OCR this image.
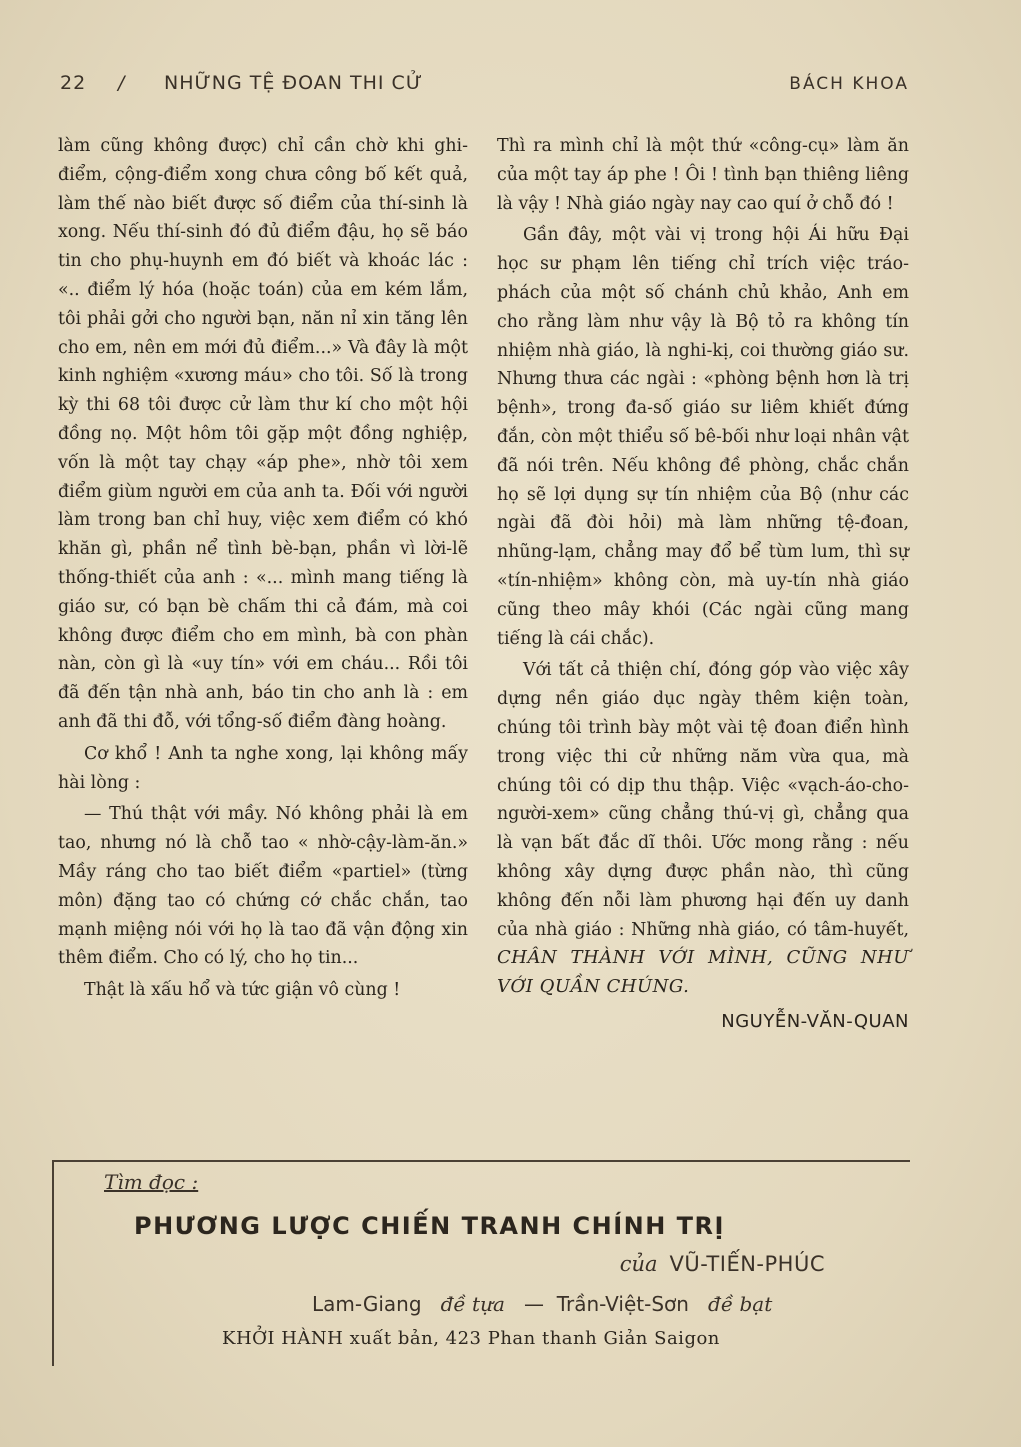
22 / NHỮNG TỆ ĐOAN THI CỬ	BÁCH KHOA

làm cũng không được) chỉ cần chờ khi ghi-điểm, cộng-điểm xong chưa công bố kết quả, làm thế nào biết được số điểm của thí-sinh là xong. Nếu thí-sinh đó đủ điểm đậu, họ sẽ báo tin cho phụ-huynh em đó biết và khoác lác : «.. điểm lý hóa (hoặc toán) của em kém lắm, tôi phải gởi cho người bạn, năn nỉ xin tăng lên cho em, nên em mới đủ điểm...» Và đây là một kinh nghiệm «xương máu» cho tôi. Số là trong kỳ thi 68 tôi được cử làm thư kí cho một hội đồng nọ. Một hôm tôi gặp một đồng nghiệp, vốn là một tay chạy «áp phe», nhờ tôi xem điểm giùm người em của anh ta. Đối với người làm trong ban chỉ huy, việc xem điểm có khó khăn gì, phần nể tình bè-bạn, phần vì lời-lẽ thống-thiết của anh : «... mình mang tiếng là giáo sư, có bạn bè chấm thi cả đám, mà coi không được điểm cho em mình, bà con phàn nàn, còn gì là «uy tín» với em cháu... Rồi tôi đã đến tận nhà anh, báo tin cho anh là : em anh đã thi đỗ, với tổng-số điểm đàng hoàng.

Cơ khổ ! Anh ta nghe xong, lại không mấy hài lòng :

— Thú thật với mầy. Nó không phải là em tao, nhưng nó là chỗ tao « nhờ-cậy-làm-ăn.» Mầy ráng cho tao biết điểm «partiel» (từng môn) đặng tao có chứng cớ chắc chắn, tao mạnh miệng nói với họ là tao đã vận động xin thêm điểm. Cho có lý, cho họ tin...

Thật là xấu hổ và tức giận vô cùng !

Thì ra mình chỉ là một thứ «công-cụ» làm ăn của một tay áp phe ! Ôi ! tình bạn thiêng liêng là vậy ! Nhà giáo ngày nay cao quí ở chỗ đó !

Gần đây, một vài vị trong hội Ái hữu Đại học sư phạm lên tiếng chỉ trích việc tráo-phách của một số chánh chủ khảo, Anh em cho rằng làm như vậy là Bộ tỏ ra không tín nhiệm nhà giáo, là nghi-kị, coi thường giáo sư. Nhưng thưa các ngài : «phòng bệnh hơn là trị bệnh», trong đa-số giáo sư liêm khiết đứng đắn, còn một thiểu số bê-bối như loại nhân vật đã nói trên. Nếu không đề phòng, chắc chắn họ sẽ lợi dụng sự tín nhiệm của Bộ (như các ngài đã đòi hỏi) mà làm những tệ-đoan, nhũng-lạm, chẳng may đổ bể tùm lum, thì sự «tín-nhiệm» không còn, mà uy-tín nhà giáo cũng theo mây khói (Các ngài cũng mang tiếng là cái chắc).

Với tất cả thiện chí, đóng góp vào việc xây dựng nền giáo dục ngày thêm kiện toàn, chúng tôi trình bày một vài tệ đoan điển hình trong việc thi cử những năm vừa qua, mà chúng tôi có dịp thu thập. Việc «vạch-áo-cho-người-xem» cũng chẳng thú-vị gì, chẳng qua là vạn bất đắc dĩ thôi. Ước mong rằng : nếu không xây dựng được phần nào, thì cũng không đến nỗi làm phương hại đến uy danh của nhà giáo : Những nhà giáo, có tâm-huyết, CHÂN THÀNH VỚI MÌNH, CŨNG NHƯ VỚI QUẦN CHÚNG.

NGUYỄN-VĂN-QUAN
Tìm đọc :
PHƯƠNG LƯỢC CHIẾN TRANH CHÍNH TRỊ
của VŨ-TIẾN-PHÚC
Lam-Giang đề tựa — Trần-Việt-Sơn đề bạt
KHỞI HÀNH xuất bản, 423 Phan thanh Giản Saigon
